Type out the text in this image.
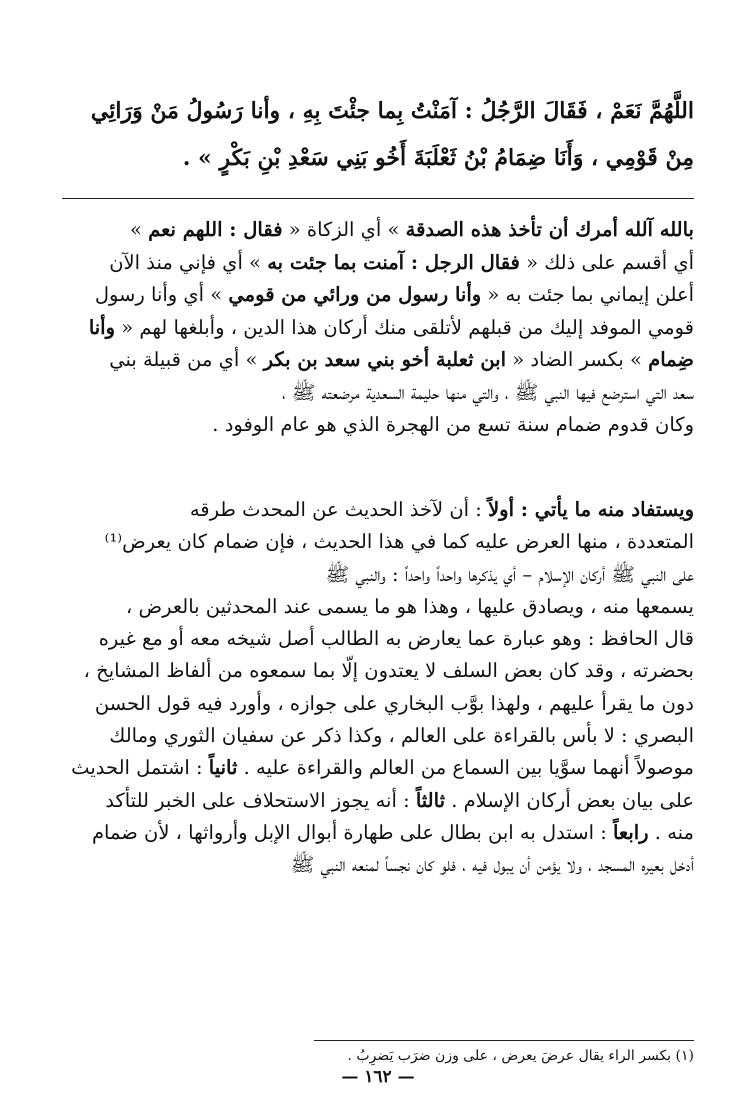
اللَّهُمَّ نَعَمْ ، فَقَالَ الرَّجُلُ : آمَنْتُ بِما جئْتَ بِهِ ، وأنا رَسُولُ مَنْ وَرَائِي
مِنْ قَوْمِي ، وَأَنَا ضِمَامُ بْنُ ثَعْلَبَةَ أَخُو بَنِي سَعْدِ بْنِ بَكْرٍ » .
بالله آلله أمرك أن تأخذ هذه الصدقة » أي الزكاة « فقال : اللهم نعم »
أي أقسم على ذلك « فقال الرجل : آمنت بما جئت به » أي فإني منذ الآن
أعلن إيماني بما جئت به « وأنا رسول من ورائي من قومي » أي وأنا رسول
قومي الموفد إليك من قبلهم لأتلقى منك أركان هذا الدين ، وأبلغها لهم « وأنا
ضِمام » بكسر الضاد « ابن ثعلبة أخو بني سعد بن بكر » أي من قبيلة بني
سعد التي استرضع فيها النبي ﷺ ، والتي منها حليمة السعدية مرضعته ﷺ ،
وكان قدوم ضمام سنة تسع من الهجرة الذي هو عام الوفود .
ويستفاد منه ما يأتي : أولاً : أن لآخذ الحديث عن المحدث طرقه
المتعددة ، منها العرض عليه كما في هذا الحديث ، فإن ضمام كان يعرض⁽¹⁾
على النبي ﷺ أركان الإسلام – أي يذكرها واحداً واحداً : والنبي ﷺ
يسمعها منه ، ويصادق عليها ، وهذا هو ما يسمى عند المحدثين بالعرض ،
قال الحافظ : وهو عبارة عما يعارض به الطالب أصل شيخه معه أو مع غيره
بحضرته ، وقد كان بعض السلف لا يعتدون إلّا بما سمعوه من ألفاظ المشايخ ،
دون ما يقرأ عليهم ، ولهذا بوَّب البخاري على جوازه ، وأورد فيه قول الحسن
البصري : لا بأس بالقراءة على العالم ، وكذا ذكر عن سفيان الثوري ومالك
موصولاً أنهما سوَّيا بين السماع من العالم والقراءة عليه . ثانياً : اشتمل الحديث
على بيان بعض أركان الإسلام . ثالثاً : أنه يجوز الاستحلاف على الخبر للتأكد
منه . رابعاً : استدل به ابن بطال على طهارة أبوال الإبل وأرواثها ، لأن ضمام
أدخل بعيره المسجد ، ولا يؤمن أن يبول فيه ، فلو كان نجساً لمنعه النبي ﷺ
(١) بكسر الراء يقال عرضَ يعرض ، على وزن ضرَب يَضرِبُ .
— ١٦٢ —
